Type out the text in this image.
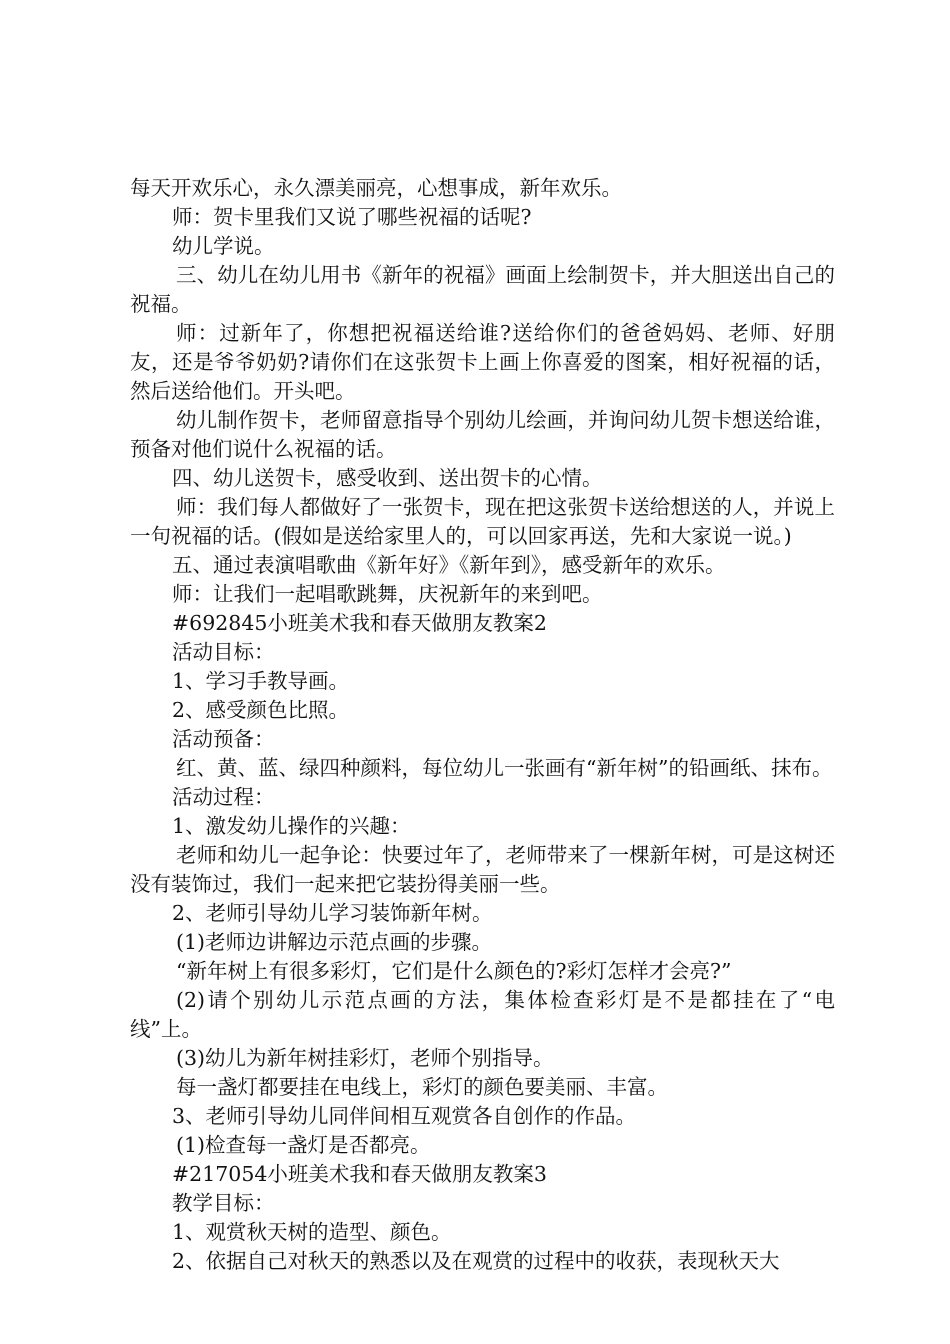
每天开欢乐心，永久漂美丽亮，心想事成，新年欢乐。

师：贺卡里我们又说了哪些祝福的话呢?

幼儿学说。

三、幼儿在幼儿用书《新年的祝福》画面上绘制贺卡，并大胆送出自己的祝福。

师：过新年了，你想把祝福送给谁?送给你们的爸爸妈妈、老师、好朋友，还是爷爷奶奶?请你们在这张贺卡上画上你喜爱的图案，相好祝福的话，然后送给他们。开头吧。

幼儿制作贺卡，老师留意指导个别幼儿绘画，并询问幼儿贺卡想送给谁，预备对他们说什么祝福的话。

四、幼儿送贺卡，感受收到、送出贺卡的心情。

师：我们每人都做好了一张贺卡，现在把这张贺卡送给想送的人，并说上一句祝福的话。(假如是送给家里人的，可以回家再送，先和大家说一说。)

五、通过表演唱歌曲《新年好》《新年到》，感受新年的欢乐。

师：让我们一起唱歌跳舞，庆祝新年的来到吧。

#692845小班美术我和春天做朋友教案2

活动目标：

1、学习手教导画。

2、感受颜色比照。

活动预备：

红、黄、蓝、绿四种颜料，每位幼儿一张画有“新年树”的铅画纸、抹布。

活动过程：

1、激发幼儿操作的兴趣：

老师和幼儿一起争论：快要过年了，老师带来了一棵新年树，可是这树还没有装饰过，我们一起来把它装扮得美丽一些。

2、老师引导幼儿学习装饰新年树。

(1)老师边讲解边示范点画的步骤。

“新年树上有很多彩灯，它们是什么颜色的?彩灯怎样才会亮?”

(2)请个别幼儿示范点画的方法，集体检查彩灯是不是都挂在了“电线”上。

(3)幼儿为新年树挂彩灯，老师个别指导。

每一盏灯都要挂在电线上，彩灯的颜色要美丽、丰富。

3、老师引导幼儿同伴间相互观赏各自创作的作品。

(1)检查每一盏灯是否都亮。

#217054小班美术我和春天做朋友教案3

教学目标：

1、观赏秋天树的造型、颜色。

2、依据自己对秋天的熟悉以及在观赏的过程中的收获，表现秋天大
